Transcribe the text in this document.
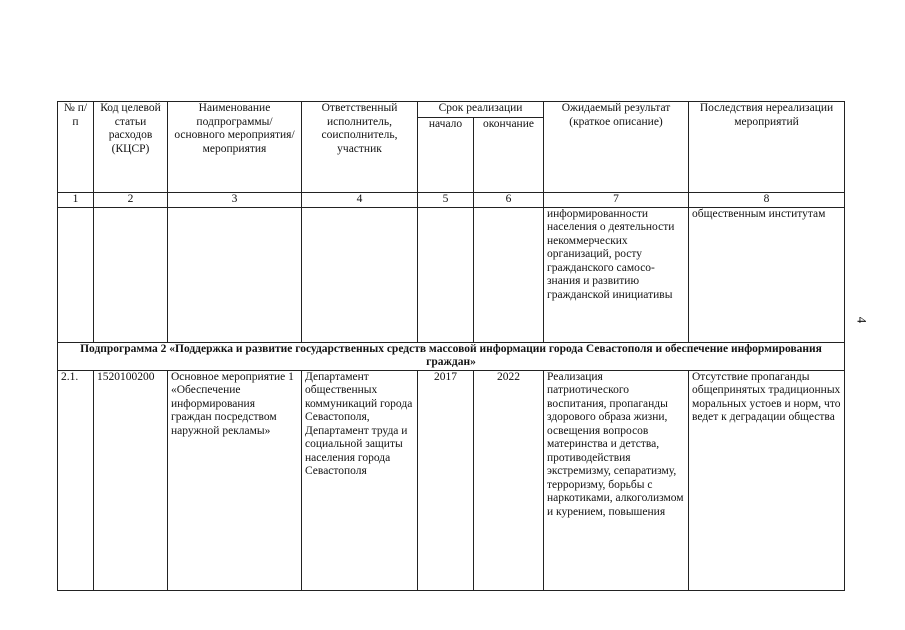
№ п/п	Код целевой статьи расходов (КЦСР)	Наименование подпрограммы/ основного мероприятия/ мероприятия	Ответственный исполнитель, соисполнитель, участник	Срок реализации		Ожидаемый результат (краткое описание)	Последствия нереализации мероприятий
				начало	окончание		
1	2	3	4	5	6	7	8
						информированности населения о деятельности некоммерческих организаций, росту гражданского самосо-знания и развитию гражданской инициативы	общественным институтам
Подпрограмма 2 «Поддержка и развитие государственных средств массовой информации города Севастополя и обеспечение информирования граждан»							
2.1.	1520100200	Основное мероприятие 1 «Обеспечение информирования граждан посредством наружной рекламы»	Департамент общественных коммуникаций города Севастополя, Департамент труда и социальной защиты населения города Севастополя	2017	2022	Реализация патриотического воспитания, пропаганды здорового образа жизни, освещения вопросов материнства и детства, противодействия экстремизму, сепаратизму, терроризму, борьбы с наркотиками, алкоголизмом и курением, повышения	Отсутствие пропаганды общепринятых традиционных моральных устоев и норм, что ведет к деградации общества
4
